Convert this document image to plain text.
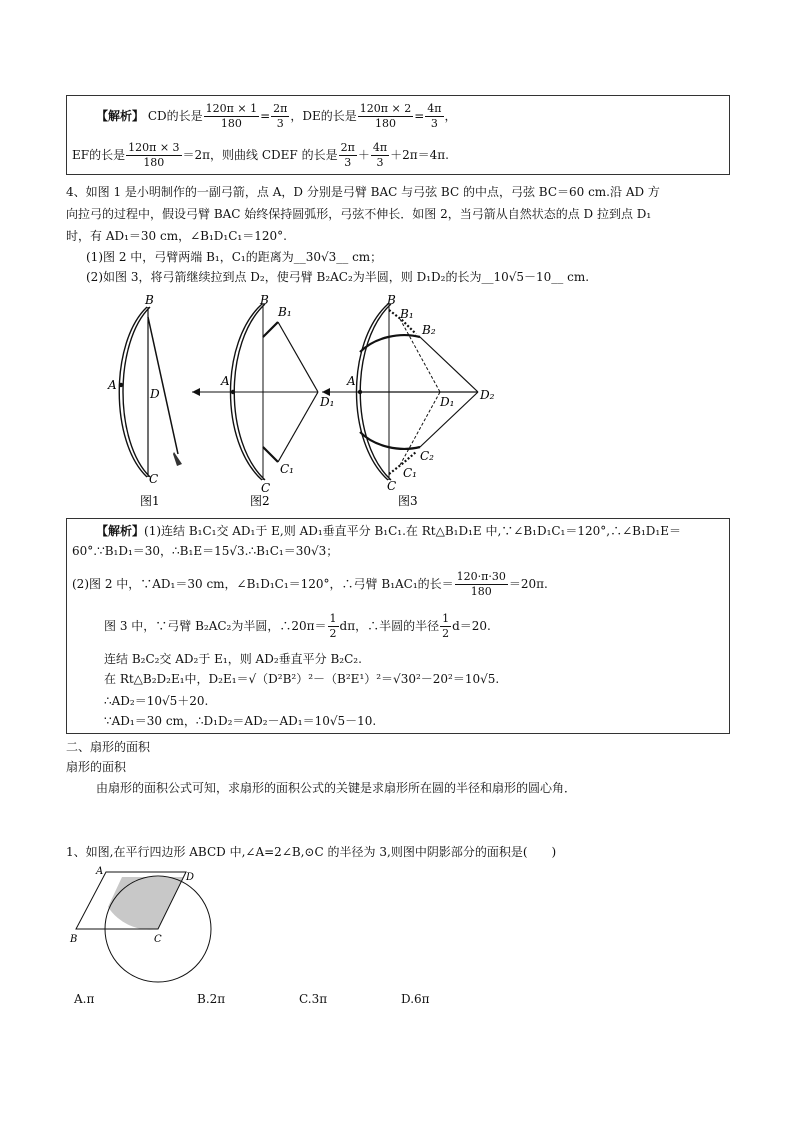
【解析】 CD的长是 $\frac{120\pi \times 1}{180} = \frac{2\pi}{3}$ ，DE的长是 $\frac{120\pi \times 2}{180} = \frac{4\pi}{3}$ ，
EF的长是 $\frac{120\pi \times 3}{180} =2\pi$，则曲线 CDEF 的长是 $\frac{2\pi}{3} + \frac{4\pi}{3} +2\pi=4\pi$.
4、如图 1 是小明制作的一副弓箭，点 A，D 分别是弓臂 BAC 与弓弦 BC 的中点，弓弦 BC＝60 cm.沿 AD 方
向拉弓的过程中，假设弓臂 BAC 始终保持圆弧形，弓弦不伸长．如图 2，当弓箭从自然状态的点 D 拉到点 D₁
时，有 AD₁＝30 cm，∠B₁D₁C₁＝120°.
(1)图 2 中，弓臂两端 B₁，C₁的距离为__30√3__ cm；
(2)如图 3，将弓箭继续拉到点 D₂，使弓臂 B₂AC₂为半圆，则 D₁D₂的长为__10√5－10__ cm.
B
A
D
C
图1
B
B₁
A
D₁
C
C₁
图2
B
B₁
B₂
A
D₁ D₂
C₂
C₁
C
图3
【解析】(1)连结 B₁C₁交 AD₁于 E,则 AD₁垂直平分 B₁C₁.在 Rt△B₁D₁E 中,∵∠B₁D₁C₁＝120°,∴∠B₁D₁E＝
60°.∵B₁D₁＝30，∴B₁E＝15√3.∴B₁C₁＝30√3；
(2)图 2 中，∵AD₁＝30 cm，∠B₁D₁C₁＝120°，∴弓臂 B₁AC₁的长＝ $\frac{120\cdot\pi\cdot 30}{180} =20\pi$.
图 3 中，∵弓臂 B₂AC₂为半圆，∴20π＝ $\frac{1}{2}$ dπ，∴半圆的半径 $\frac{1}{2} d=20$.
连结 B₂C₂交 AD₂于 E₁，则 AD₂垂直平分 B₂C₂.
在 Rt△B₂D₂E₁中，D₂E₁＝√（D²B²）²－（B²E¹）²＝√30²－20²＝10√5.
∴AD₂＝10√5＋20.
∵AD₁＝30 cm，∴D₁D₂＝AD₂－AD₁＝10√5－10.
二、扇形的面积
扇形的面积
由扇形的面积公式可知，求扇形的面积公式的关键是求扇形所在圆的半径和扇形的圆心角．
1、如图,在平行四边形 ABCD 中,∠A=2∠B,⊙C 的半径为 3,则图中阴影部分的面积是(　　)
A
D
B	C
A.π	B.2π	C.3π	D.6π
